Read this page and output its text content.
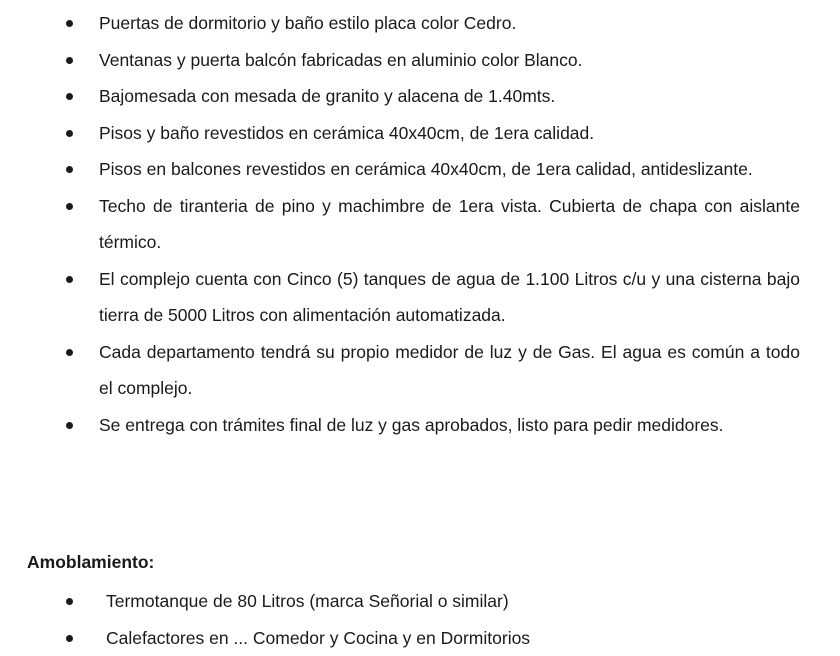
Puertas de dormitorio y baño estilo placa color Cedro.
Ventanas y puerta balcón fabricadas en aluminio color Blanco.
Bajomesada con mesada de granito y alacena de 1.40mts.
Pisos y baño revestidos en cerámica 40x40cm, de 1era calidad.
Pisos en balcones revestidos en cerámica 40x40cm, de 1era calidad, antideslizante.
Techo de tiranteria de pino y machimbre de 1era vista. Cubierta de chapa con aislante térmico.
El complejo cuenta con Cinco (5) tanques de agua de 1.100 Litros c/u y una cisterna bajo tierra de 5000 Litros con alimentación automatizada.
Cada departamento tendrá su propio medidor de luz y de Gas. El agua es común a todo el complejo.
Se entrega con trámites final de luz y gas aprobados, listo para pedir medidores.
Amoblamiento:
Termotanque de 80 Litros (marca Señorial o similar)
Calefactores en ... Comedor y Cocina y en Dormitorios
